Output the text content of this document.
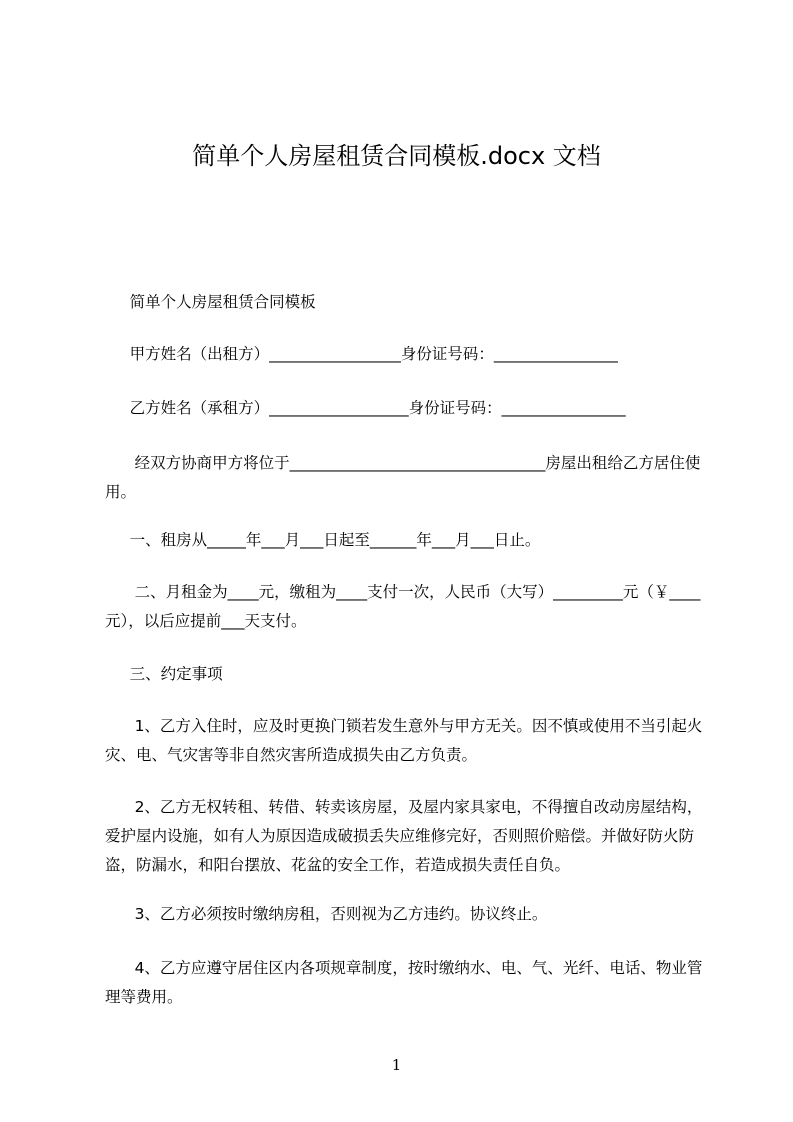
简单个人房屋租赁合同模板.docx 文档

简单个人房屋租赁合同模板

甲方姓名（出租方）_________________身份证号码：________________

乙方姓名（承租方）__________________身份证号码：________________

经双方协商甲方将位于_________________________________房屋出租给乙方居住使用。

一、租房从_____年___月___日起至______年___月___日止。

二、月租金为____元，缴租为____支付一次，人民币（大写）_________元（￥____元），以后应提前___天支付。

三、约定事项

1、乙方入住时，应及时更换门锁若发生意外与甲方无关。因不慎或使用不当引起火灾、电、气灾害等非自然灾害所造成损失由乙方负责。

2、乙方无权转租、转借、转卖该房屋，及屋内家具家电，不得擅自改动房屋结构， 爱护屋内设施，如有人为原因造成破损丢失应维修完好，否则照价赔偿。并做好防火防盗，防漏水，和阳台摆放、花盆的安全工作，若造成损失责任自负。

3、乙方必须按时缴纳房租，否则视为乙方违约。协议终止。

4、乙方应遵守居住区内各项规章制度，按时缴纳水、电、气、光纤、电话、物业管理等费用。

1
